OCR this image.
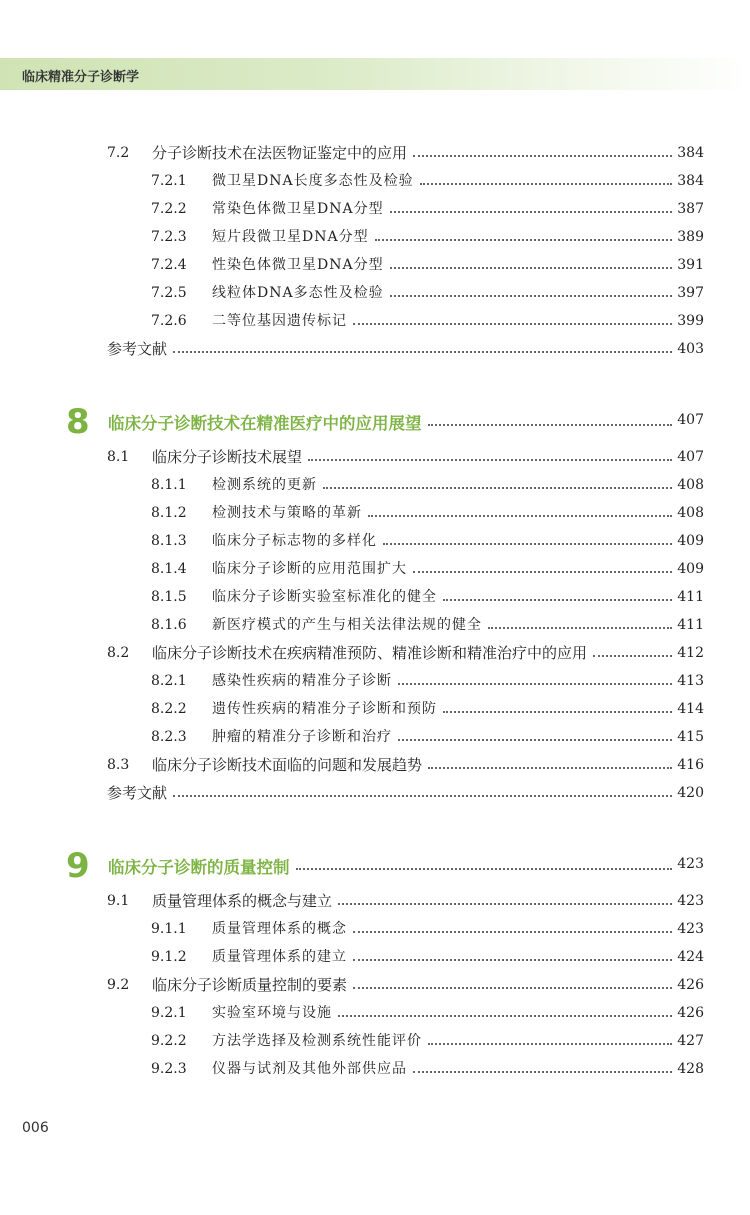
临床精准分子诊断学
7.2 分子诊断技术在法医物证鉴定中的应用	384
7.2.1 微卫星DNA长度多态性及检验	384
7.2.2 常染色体微卫星DNA分型	387
7.2.3 短片段微卫星DNA分型	389
7.2.4 性染色体微卫星DNA分型	391
7.2.5 线粒体DNA多态性及检验	397
7.2.6 二等位基因遗传标记	399
参考文献	403
8 临床分子诊断技术在精准医疗中的应用展望	407
8.1 临床分子诊断技术展望	407
8.1.1 检测系统的更新	408
8.1.2 检测技术与策略的革新	408
8.1.3 临床分子标志物的多样化	409
8.1.4 临床分子诊断的应用范围扩大	409
8.1.5 临床分子诊断实验室标准化的健全	411
8.1.6 新医疗模式的产生与相关法律法规的健全	411
8.2 临床分子诊断技术在疾病精准预防、精准诊断和精准治疗中的应用	412
8.2.1 感染性疾病的精准分子诊断	413
8.2.2 遗传性疾病的精准分子诊断和预防	414
8.2.3 肿瘤的精准分子诊断和治疗	415
8.3 临床分子诊断技术面临的问题和发展趋势	416
参考文献	420
9 临床分子诊断的质量控制	423
9.1 质量管理体系的概念与建立	423
9.1.1 质量管理体系的概念	423
9.1.2 质量管理体系的建立	424
9.2 临床分子诊断质量控制的要素	426
9.2.1 实验室环境与设施	426
9.2.2 方法学选择及检测系统性能评价	427
9.2.3 仪器与试剂及其他外部供应品	428
006
